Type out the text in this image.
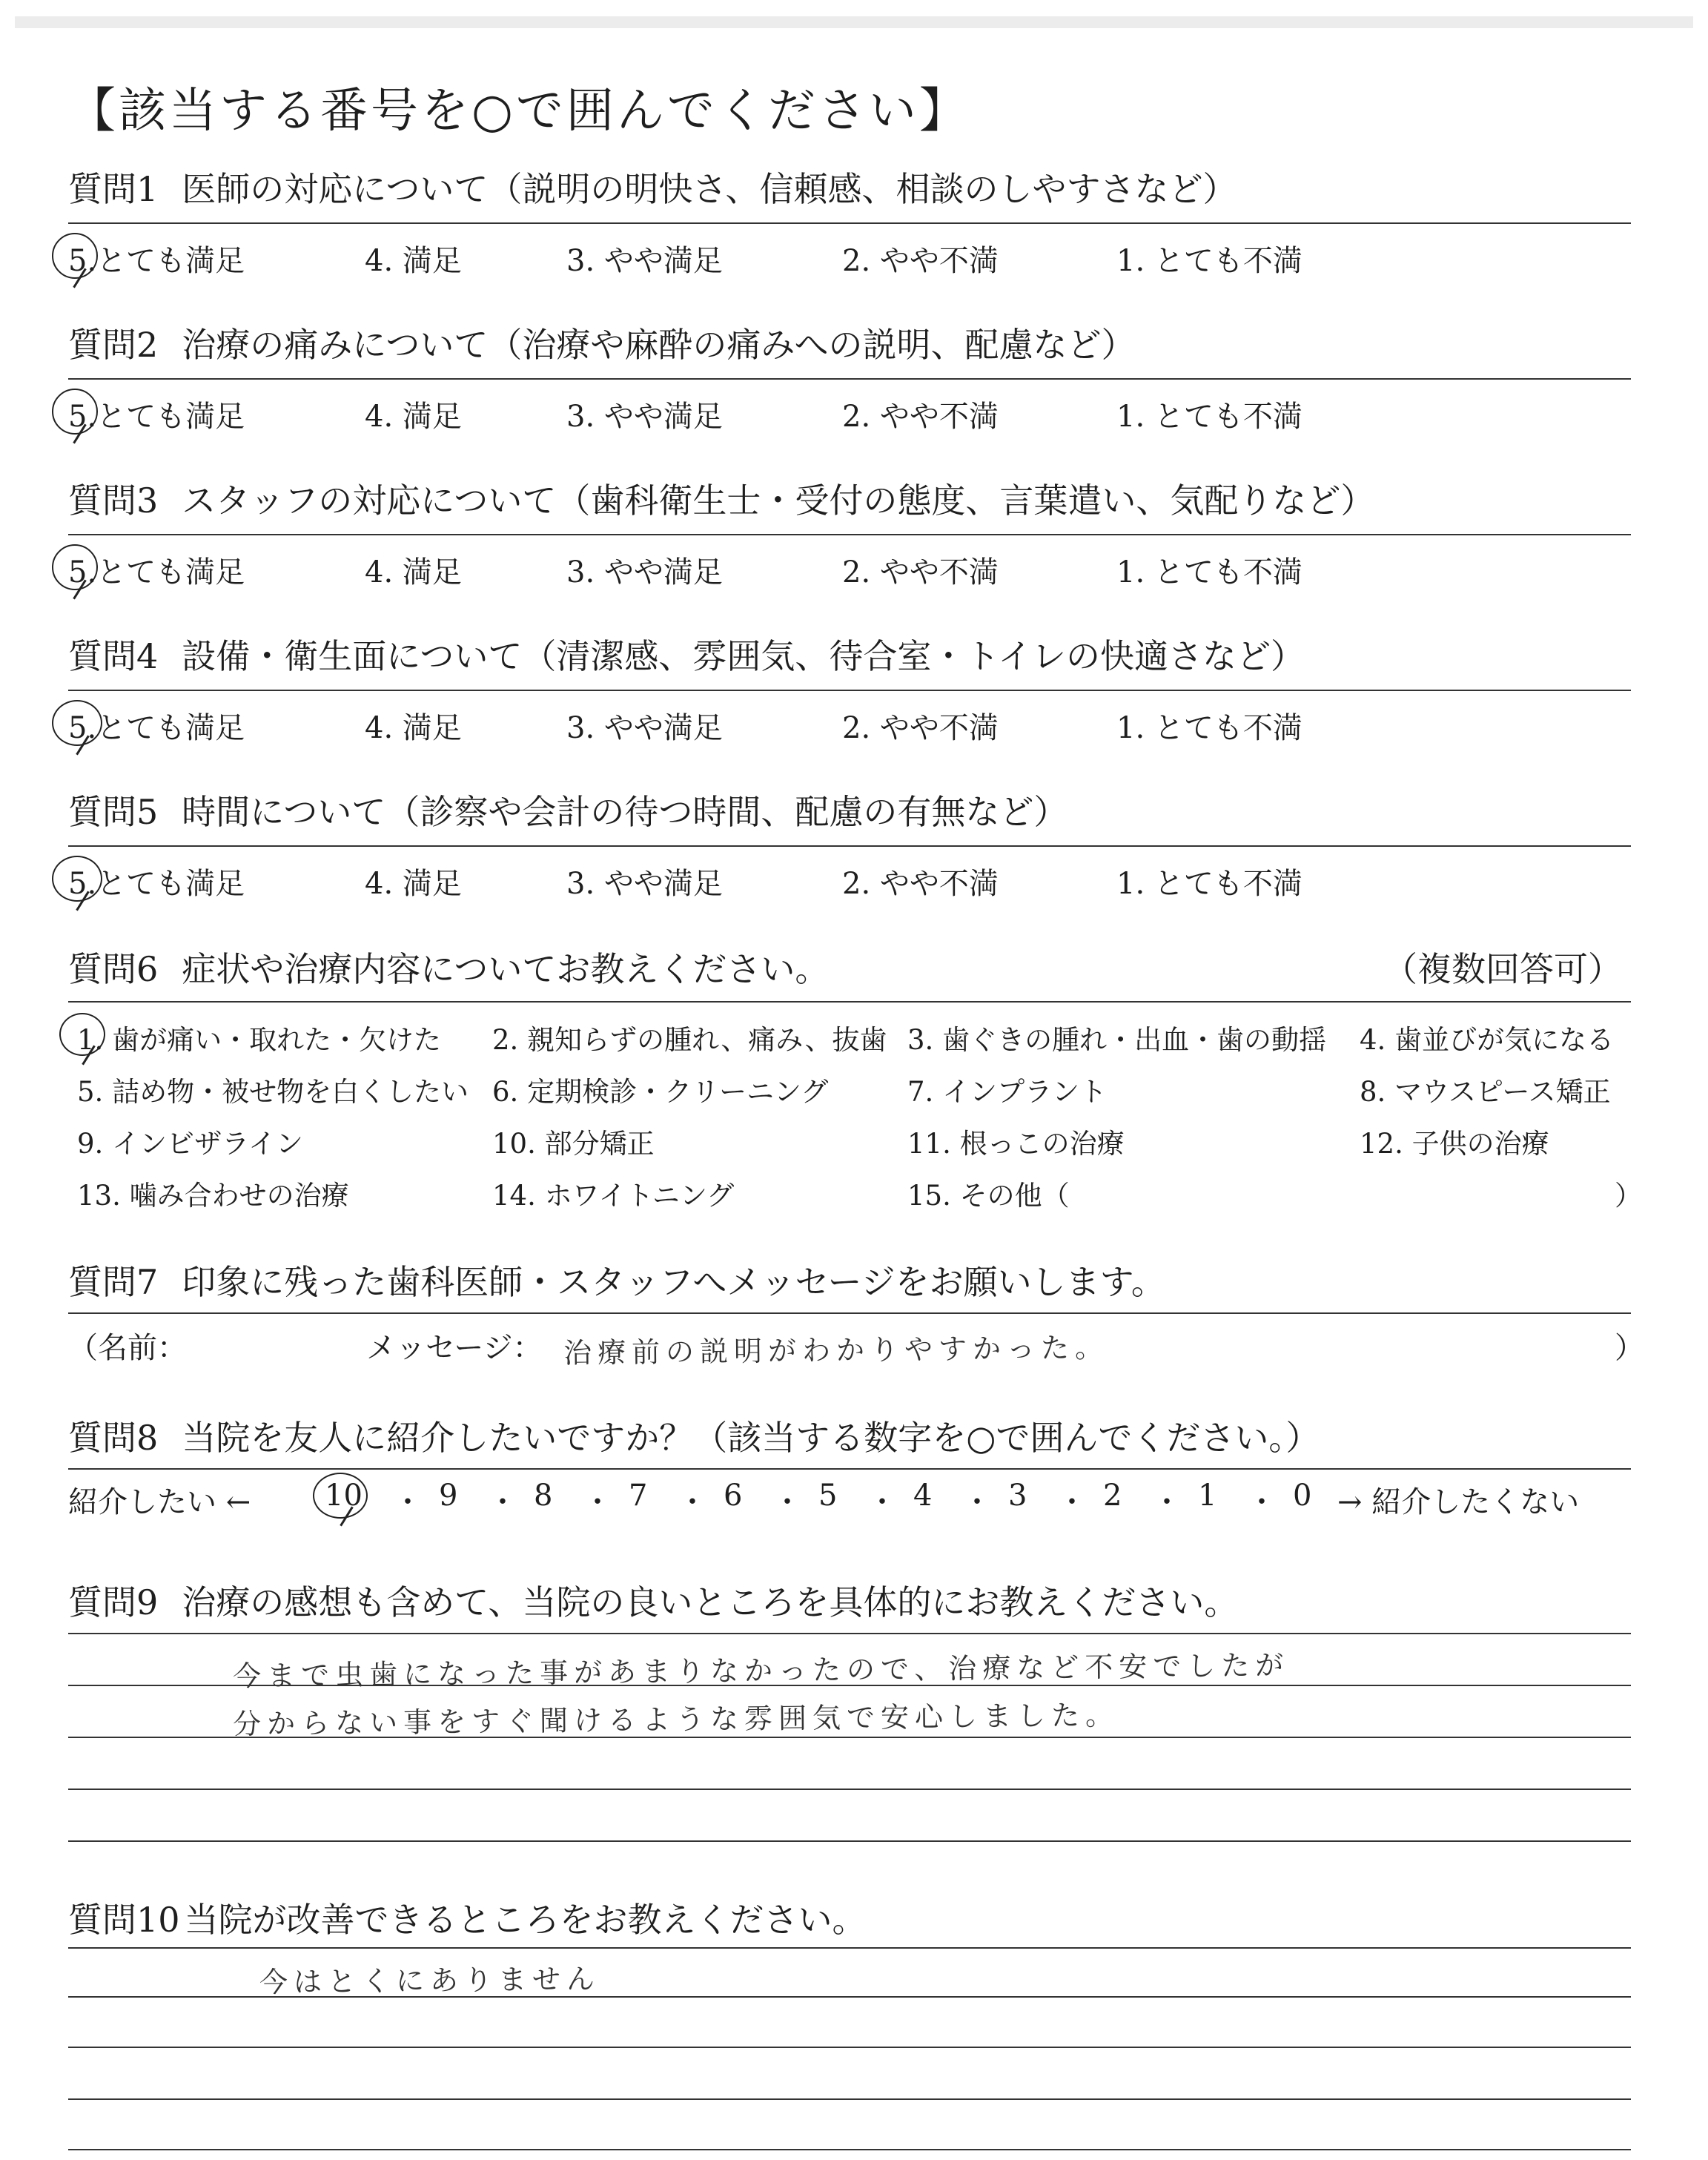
【該当する番号を○で囲んでください】
質問1 医師の対応について（説明の明快さ、信頼感、相談のしやすさなど）
5.とても満足	4. 満足	3. やや満足	2. やや不満	1. とても不満
質問2 治療の痛みについて（治療や麻酔の痛みへの説明、配慮など）
5.とても満足	4. 満足	3. やや満足	2. やや不満	1. とても不満
質問3 スタッフの対応について（歯科衛生士・受付の態度、言葉遣い、気配りなど）
5.とても満足	4. 満足	3. やや満足	2. やや不満	1. とても不満
質問4 設備・衛生面について（清潔感、雰囲気、待合室・トイレの快適さなど）
5.とても満足	4. 満足	3. やや満足	2. やや不満	1. とても不満
質問5 時間について（診察や会計の待つ時間、配慮の有無など）
5.とても満足	4. 満足	3. やや満足	2. やや不満	1. とても不満
質問6 症状や治療内容についてお教えください。	（複数回答可）
1. 歯が痛い・取れた・欠けた 2. 親知らずの腫れ、痛み、抜歯 3. 歯ぐきの腫れ・出血・歯の動揺 4. 歯並びが気になる
5. 詰め物・被せ物を白くしたい 6. 定期検診・クリーニング	7. インプラント	8. マウスピース矯正
9. インビザライン	10. 部分矯正	11. 根っこの治療	12. 子供の治療
13. 噛み合わせの治療	14. ホワイトニング	15. その他（	）
質問7 印象に残った歯科医師・スタッフへメッセージをお願いします。
（名前：	メッセージ： 治療前の説明がわかりやすかった。	）
質問8 当院を友人に紹介したいですか？（該当する数字を○で囲んでください。）
紹介したい ← 10 ・ 9 ・ 8 ・ 7 ・ 6 ・ 5 ・ 4 ・ 3 ・ 2 ・ 1 ・ 0 → 紹介したくない
質問9 治療の感想も含めて、当院の良いところを具体的にお教えください。
今まで虫歯になった事があまりなかったので、治療など不安でしたが
分からない事をすぐ聞けるような雰囲気で安心しました。
質問10 当院が改善できるところをお教えください。
今はとくにありません
